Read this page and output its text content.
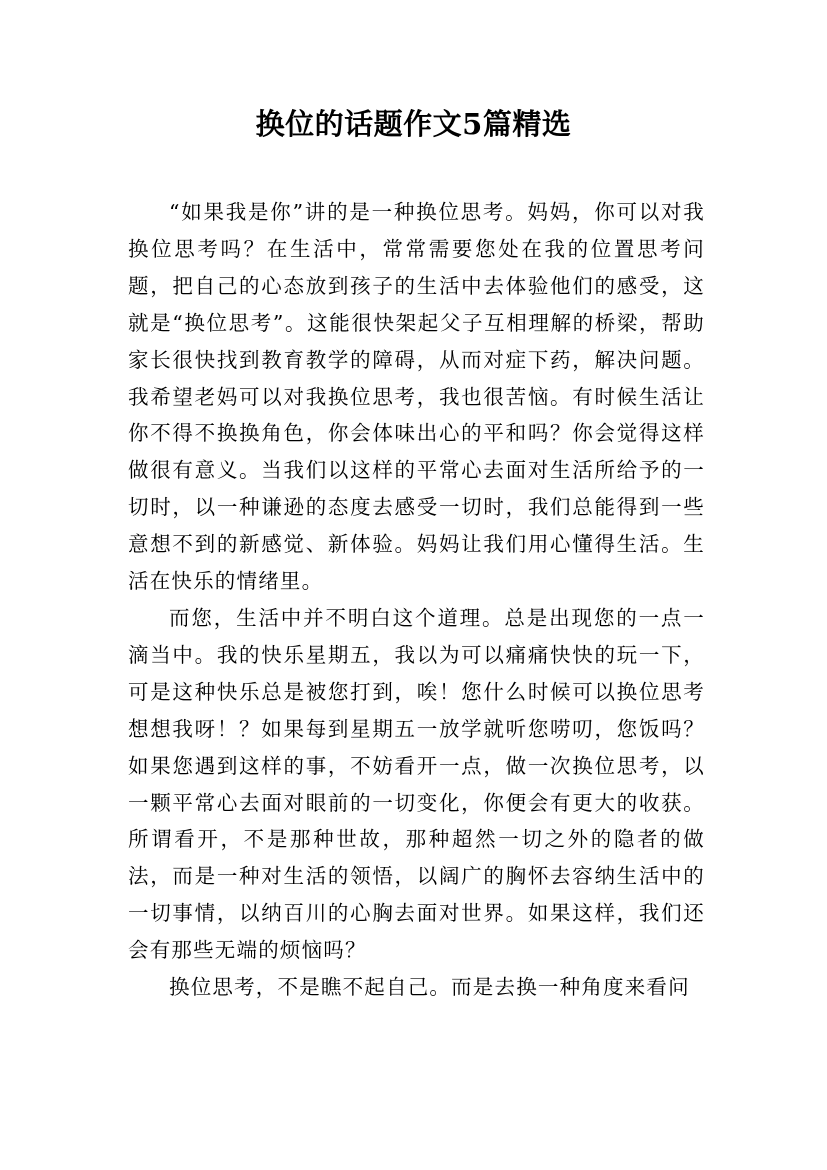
换位的话题作文5篇精选

“如果我是你”讲的是一种换位思考。妈妈，你可以对我换位思考吗？在生活中，常常需要您处在我的位置思考问题，把自己的心态放到孩子的生活中去体验他们的感受，这就是“换位思考”。这能很快架起父子互相理解的桥梁，帮助家长很快找到教育教学的障碍，从而对症下药，解决问题。我希望老妈可以对我换位思考，我也很苦恼。有时候生活让你不得不换换角色，你会体味出心的平和吗？你会觉得这样做很有意义。当我们以这样的平常心去面对生活所给予的一切时，以一种谦逊的态度去感受一切时，我们总能得到一些意想不到的新感觉、新体验。妈妈让我们用心懂得生活。生活在快乐的情绪里。

而您，生活中并不明白这个道理。总是出现您的一点一滴当中。我的快乐星期五，我以为可以痛痛快快的玩一下，可是这种快乐总是被您打到，唉！您什么时候可以换位思考想想我呀！？如果每到星期五一放学就听您唠叨，您饭吗？如果您遇到这样的事，不妨看开一点，做一次换位思考，以一颗平常心去面对眼前的一切变化，你便会有更大的收获。所谓看开，不是那种世故，那种超然一切之外的隐者的做法，而是一种对生活的领悟，以阔广的胸怀去容纳生活中的一切事情，以纳百川的心胸去面对世界。如果这样，我们还会有那些无端的烦恼吗？

换位思考，不是瞧不起自己。而是去换一种角度来看问
